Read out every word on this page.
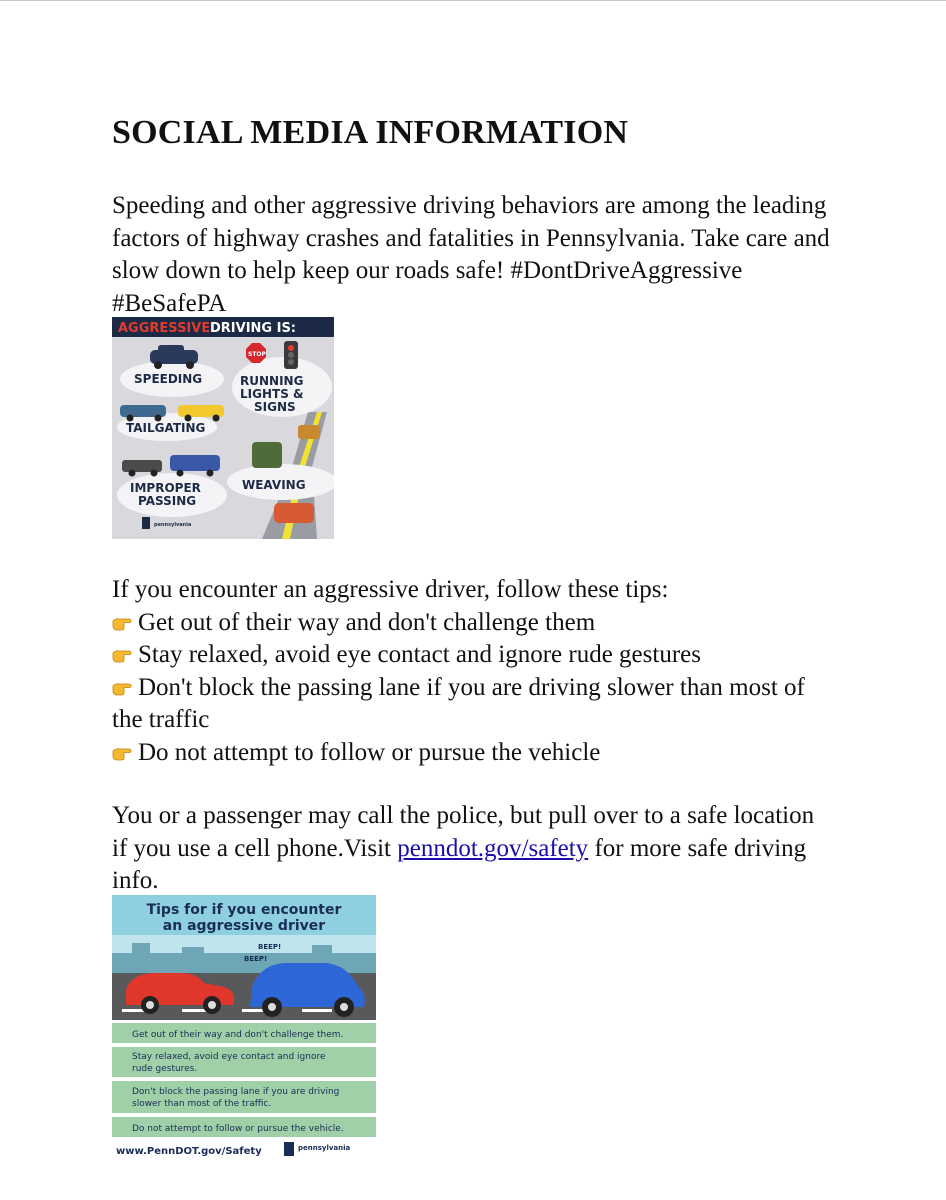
SOCIAL MEDIA INFORMATION

Speeding and other aggressive driving behaviors are among the leading factors of highway crashes and fatalities in Pennsylvania. Take care and slow down to help keep our roads safe! #DontDriveAggressive #BeSafePA

AGGRESSIVE DRIVING IS:
SPEEDING
STOP
RUNNING
LIGHTS &
SIGNS
TAILGATING
WEAVING
IMPROPER
PASSING
pennsylvania

If you encounter an aggressive driver, follow these tips:

Get out of their way and don't challenge them

Stay relaxed, avoid eye contact and ignore rude gestures

Don't block the passing lane if you are driving slower than most of the traffic

Do not attempt to follow or pursue the vehicle

You or a passenger may call the police, but pull over to a safe location if you use a cell phone.Visit penndot.gov/safety for more safe driving info.

Tips for if you encounter
an aggressive driver
BEEP!
BEEP!
Get out of their way and don't challenge them.
Stay relaxed, avoid eye contact and ignore
rude gestures.
Don't block the passing lane if you are driving
slower than most of the traffic.
Do not attempt to follow or pursue the vehicle.
www.PennDOT.gov/Safety	pennsylvania
